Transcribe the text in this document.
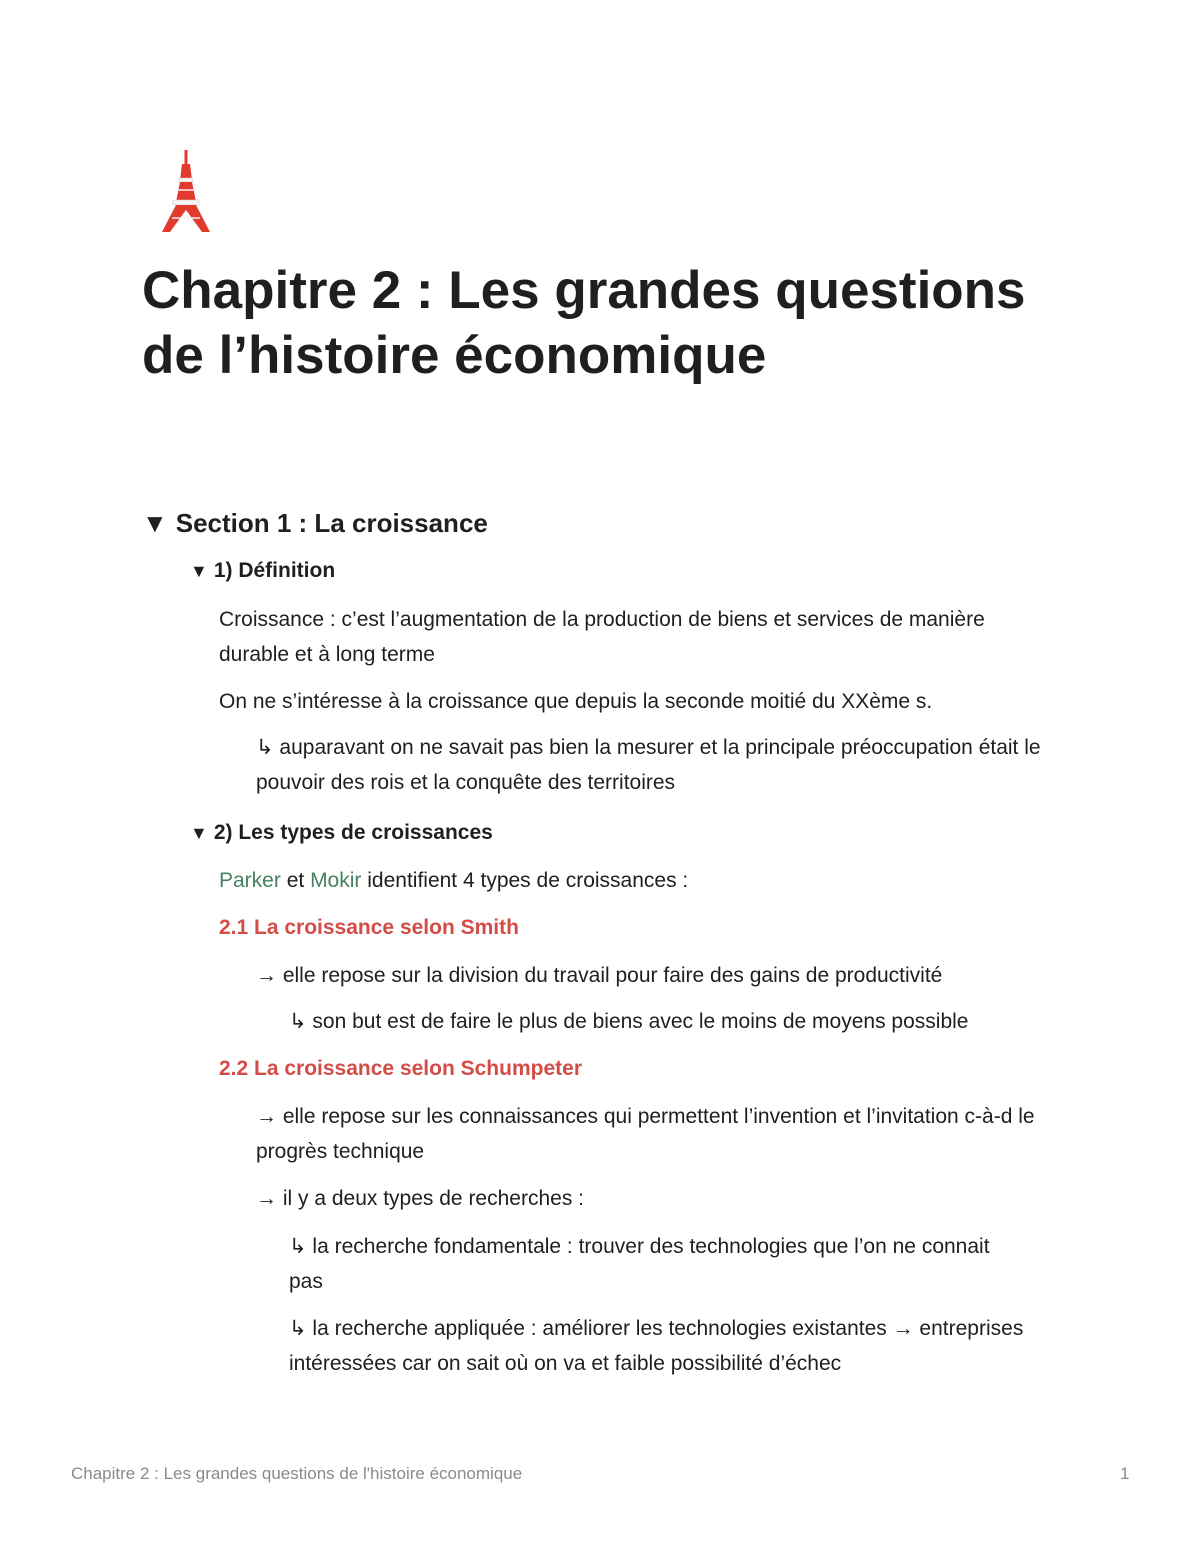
Chapitre 2 : Les grandes questions de l’histoire économique
▼ Section 1 : La croissance
▼ 1) Définition

Croissance : c’est l’augmentation de la production de biens et services de manière durable et à long terme

On ne s’intéresse à la croissance que depuis la seconde moitié du XXème s.

↳ auparavant on ne savait pas bien la mesurer et la principale préoccupation était le pouvoir des rois et la conquête des territoires

▼ 2) Les types de croissances

Parker et Mokir identifient 4 types de croissances :

2.1 La croissance selon Smith

→ elle repose sur la division du travail pour faire des gains de productivité

↳ son but est de faire le plus de biens avec le moins de moyens possible

2.2 La croissance selon Schumpeter

→ elle repose sur les connaissances qui permettent l’invention et l’invitation c-à-d le progrès technique

→ il y a deux types de recherches :

↳ la recherche fondamentale : trouver des technologies que l’on ne connait pas

↳ la recherche appliquée : améliorer les technologies existantes → entreprises intéressées car on sait où on va et faible possibilité d’échec

Chapitre 2 : Les grandes questions de l'histoire économique	1
